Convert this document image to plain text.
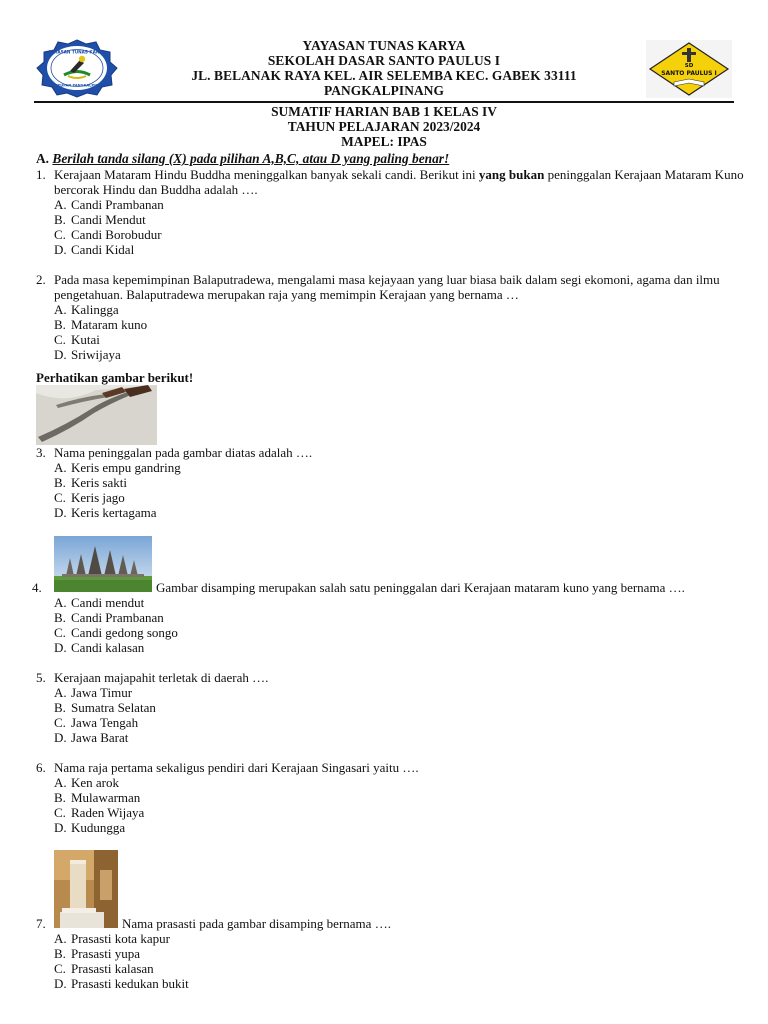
YAYASAN TUNAS KARYA
KEUSKUPAN PANGKALPINANG
YAYASAN TUNAS KARYA
SEKOLAH DASAR SANTO PAULUS I
JL. BELANAK RAYA KEL. AIR SELEMBA KEC. GABEK 33111
PANGKALPINANG
SD
SANTO PAULUS I
SUMATIF HARIAN BAB 1 KELAS IV
TAHUN PELAJARAN 2023/2024
MAPEL: IPAS
A. Berilah tanda silang (X) pada pilihan A,B,C, atau D yang paling benar!
1. Kerajaan Mataram Hindu Buddha meninggalkan banyak sekali candi. Berikut ini yang bukan peninggalan Kerajaan Mataram Kuno bercorak Hindu dan Buddha adalah ….
A. Candi Prambanan
B. Candi Mendut
C. Candi Borobudur
D. Candi Kidal
2. Pada masa kepemimpinan Balaputradewa, mengalami masa kejayaan yang luar biasa baik dalam segi ekomoni, agama dan ilmu pengetahuan. Balaputradewa merupakan raja yang memimpin Kerajaan yang bernama …
A. Kalingga
B. Mataram kuno
C. Kutai
D. Sriwijaya
Perhatikan gambar berikut!
3. Nama peninggalan pada gambar diatas adalah ….
A. Keris empu gandring
B. Keris sakti
C. Keris jago
D. Keris kertagama
4.	Gambar disamping merupakan salah satu peninggalan dari Kerajaan mataram kuno yang bernama ….
A. Candi mendut
B. Candi Prambanan
C. Candi gedong songo
D. Candi kalasan
5. Kerajaan majapahit terletak di daerah ….
A. Jawa Timur
B. Sumatra Selatan
C. Jawa Tengah
D. Jawa Barat
6. Nama raja pertama sekaligus pendiri dari Kerajaan Singasari yaitu ….
A. Ken arok
B. Mulawarman
C. Raden Wijaya
D. Kudungga
7.	Nama prasasti pada gambar disamping bernama ….
A. Prasasti kota kapur
B. Prasasti yupa
C. Prasasti kalasan
D. Prasasti kedukan bukit
